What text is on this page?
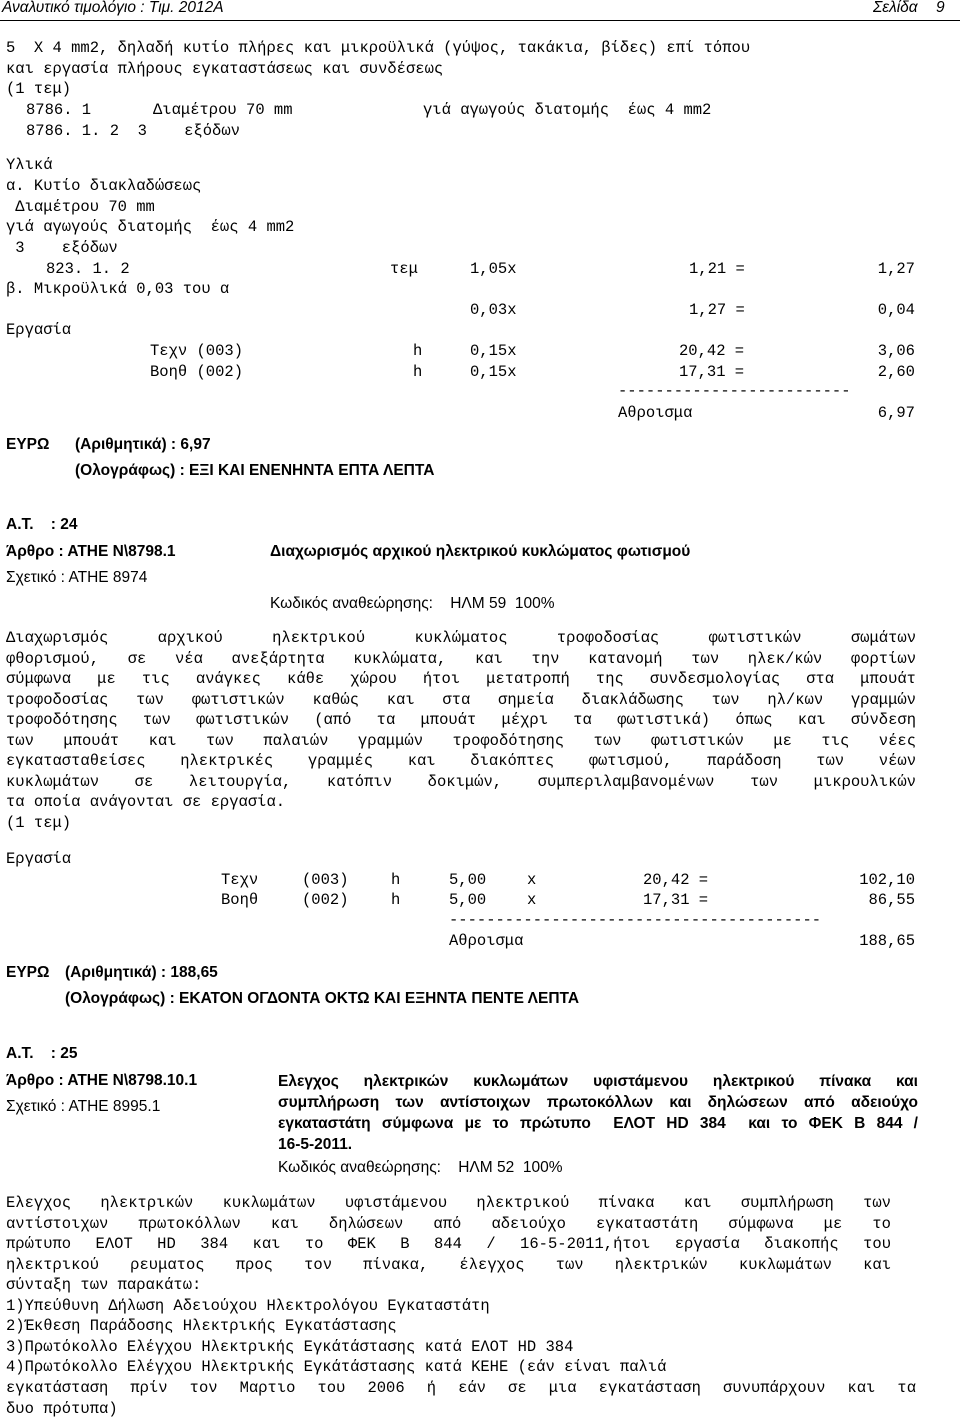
Αναλυτικό τιμολόγιο : Τιμ. 2012Α	Σελίδα 9
5  Χ 4 mm2, δηλαδή κυτίο πλήρες και μικροϋλικά (γύψος, τακάκια, βίδες) επί τόπου
και εργασία πλήρους εγκαταστάσεως και συνδέσεως
(1 τεμ)
8786. 1	Διαμέτρου 70 mm	γιά αγωγούς διατομής  έως 4 mm2
8786. 1. 2  3    εξόδων
Υλικά
α. Κυτίο διακλαδώσεως
Διαμέτρου 70 mm
γιά αγωγούς διατομής  έως 4 mm2
3    εξόδων
823. 1. 2	τεμ	1,05x	1,21 =	1,27
β. Μικροϋλικά 0,03 του α
0,03x	1,27 =	0,04
Εργασία
Τεχν (003)	h	0,15x	20,42 =	3,06
Βοηθ (002)	h	0,15x	17,31 =	2,60
-------------------------
Αθροισμα	6,97
ΕΥΡΩ (Αριθμητικά) : 6,97
(Ολογράφως) : ΕΞΙ ΚΑΙ ΕΝΕΝΗΝΤΑ ΕΠΤΑ ΛΕΠΤΑ
Α.Τ.    : 24
Άρθρο : ΑΤΗΕ Ν\8798.1
Σχετικό : ΑΤΗΕ 8974
Διαχωρισμός αρχικού ηλεκτρικού κυκλώματος φωτισμού
Κωδικός αναθεώρησης:    ΗΛΜ 59  100%
Διαχωρισμός αρχικού ηλεκτρικού κυκλώματος τροφοδοσίας φωτιστικών σωμάτων
φθορισμού, σε νέα ανεξάρτητα κυκλώματα, και την κατανομή των ηλεκ/κών φορτίων
σύμφωνα με τις ανάγκες κάθε χώρου ήτοι μετατροπή της συνδεσμολογίας στα μπουάτ
τροφοδοσίας των φωτιστικών καθώς και στα σημεία διακλάδωσης των ηλ/κων γραμμών
τροφοδότησης των φωτιστικών (από τα μπουάτ μέχρι τα φωτιστικά) όπως και σύνδεση
των μπουάτ και των παλαιών γραμμών τροφοδότησης των φωτιστικών με τις νέες
εγκατασταθείσες ηλεκτρικές γραμμές και διακόπτες φωτισμού, παράδοση των νέων
κυκλωμάτων σε λειτουργία, κατόπιν δοκιμών, συμπεριλαμβανομένων των μικρουλικών
τα οποία ανάγονται σε εργασία.
(1 τεμ)
Εργασία
Τεχν	(003)	h	5,00	x	20,42 =	102,10
Βοηθ	(002)	h	5,00	x	17,31 =	86,55
----------------------------------------
Αθροισμα	188,65
ΕΥΡΩ (Αριθμητικά) : 188,65
(Ολογράφως) : ΕΚΑΤΟΝ ΟΓΔΟΝΤΑ ΟΚΤΩ ΚΑΙ ΕΞΗΝΤΑ ΠΕΝΤΕ ΛΕΠΤΑ
Α.Τ.    : 25
Άρθρο : ΑΤΗΕ Ν\8798.10.1
Σχετικό : ΑΤΗΕ 8995.1
Ελεγχος ηλεκτρικών κυκλωμάτων υφιστάμενου ηλεκτρικού πίνακα και
συμπλήρωση των αντίστοιχων πρωτοκόλλων και δηλώσεων από αδειούχο
εγκαταστάτη σύμφωνα με το πρώτυπο  ΕΛΟΤ HD 384  και το ΦΕΚ Β 844 /
16-5-2011.
Κωδικός αναθεώρησης:    ΗΛΜ 52  100%
Ελεγχος ηλεκτρικών κυκλωμάτων υφιστάμενου ηλεκτρικού πίνακα και συμπλήρωση των
αντίστοιχων πρωτοκόλλων και δηλώσεων από αδειούχο εγκαταστάτη σύμφωνα με το
πρώτυπο ΕΛΟΤ HD 384 και το ΦΕΚ Β 844 / 16-5-2011,ήτοι εργασία διακοπής του
ηλεκτρικού ρευματος προς τον πίνακα, έλεγχος των ηλεκτρικών κυκλωμάτων και
σύνταξη των παρακάτω:
1)Υπεύθυνη Δήλωση Αδειούχου Ηλεκτρολόγου Εγκαταστάτη
2)Έκθεση Παράδοσης Ηλεκτρικής Εγκατάστασης
3)Πρωτόκολλο Ελέγχου Ηλεκτρικής Εγκάτάστασης κατά ΕΛΟΤ HD 384
4)Πρωτόκολλο Ελέγχου Ηλεκτρικής Εγκάτάστασης κατά ΚΕΗΕ (εάν είναι παλιά
εγκατάσταση πρίν τον Μαρτιο του 2006 ή εάν σε μια εγκατάσταση συνυπάρχουν και τα
δυο πρότυπα)
